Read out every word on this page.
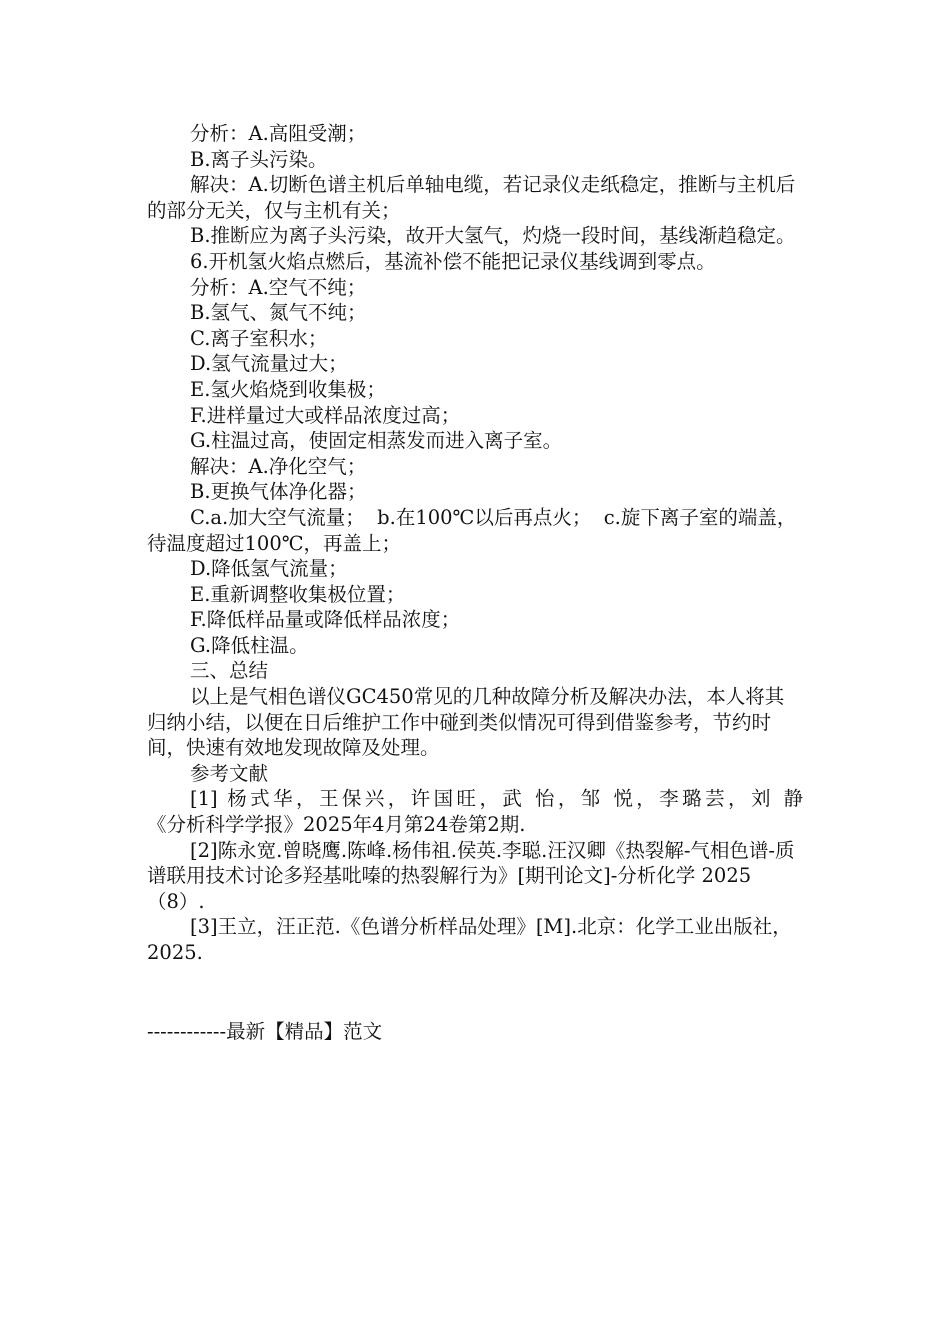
分析：A.高阻受潮；

B.离子头污染。

解决：A.切断色谱主机后单轴电缆，若记录仪走纸稳定，推断与主机后的部分无关，仅与主机有关；

B.推断应为离子头污染，故开大氢气，灼烧一段时间，基线渐趋稳定。

6.开机氢火焰点燃后，基流补偿不能把记录仪基线调到零点。

分析：A.空气不纯；

B.氢气、氮气不纯；

C.离子室积水；

D.氢气流量过大；

E.氢火焰烧到收集极；

F.进样量过大或样品浓度过高；

G.柱温过高，使固定相蒸发而进入离子室。

解决：A.净化空气；

B.更换气体净化器；

C.a.加大空气流量；  b.在100℃以后再点火；  c.旋下离子室的端盖，待温度超过100℃，再盖上；

D.降低氢气流量；

E.重新调整收集极位置；

F.降低样品量或降低样品浓度；

G.降低柱温。

三、总结

以上是气相色谱仪GC450常见的几种故障分析及解决办法，本人将其归纳小结，以便在日后维护工作中碰到类似情况可得到借鉴参考，节约时间，快速有效地发现故障及处理。

参考文献

[1] 杨式华，王保兴，许国旺，武 怡，邹 悦，李璐芸，刘 静

《分析科学学报》2025年4月第24卷第2期.

[2]陈永宽.曾晓鹰.陈峰.杨伟祖.侯英.李聪.汪汉卿《热裂解-气相色谱-质谱联用技术讨论多羟基吡嗪的热裂解行为》[期刊论文]-分析化学 2025（8）.

[3]王立，汪正范.《色谱分析样品处理》[M].北京：化学工业出版社，2025.

------------最新【精品】范文
